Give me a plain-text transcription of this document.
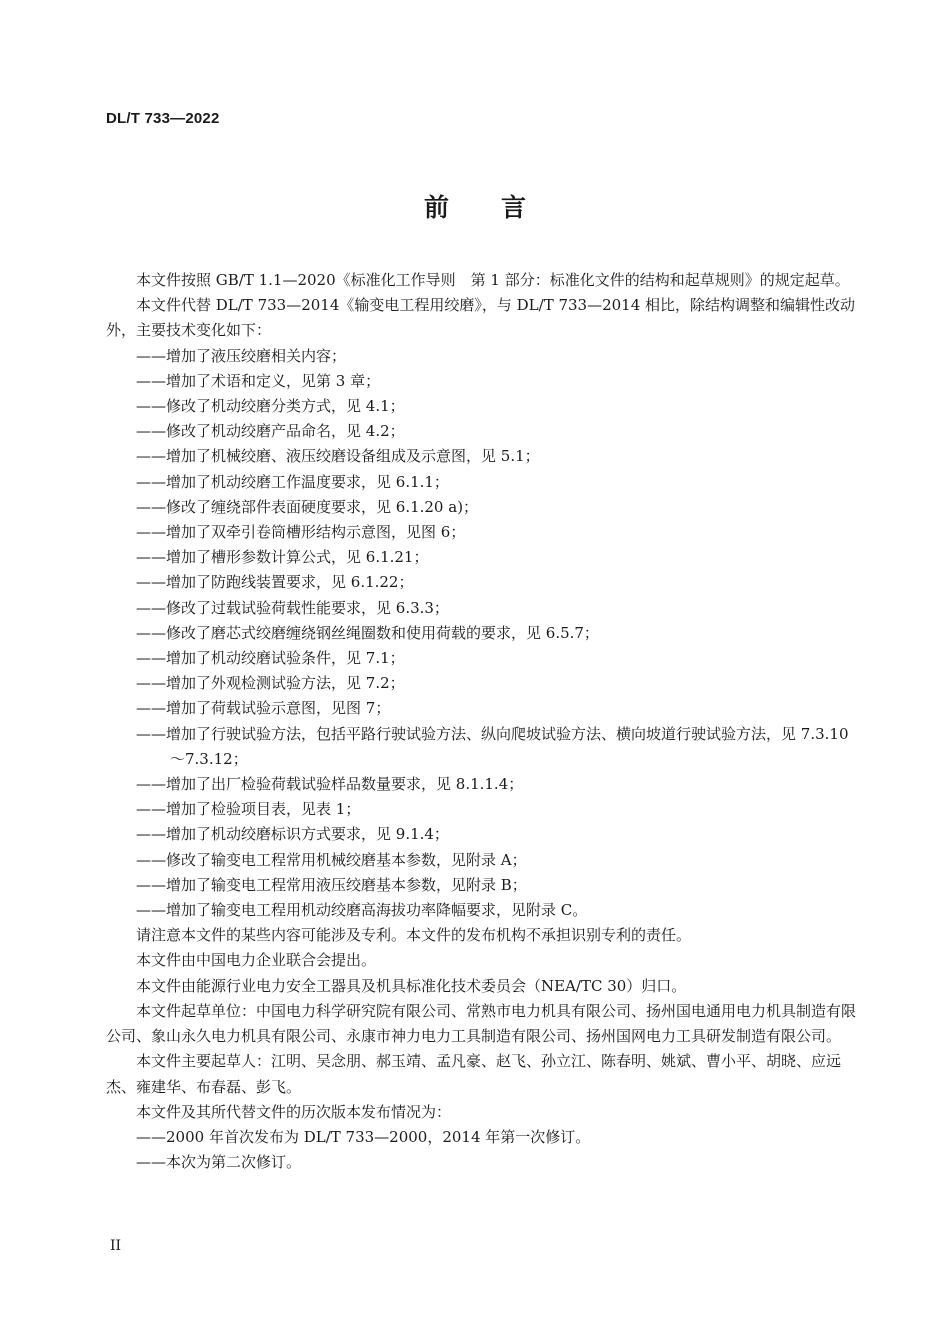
DL/T 733—2022
前言

本文件按照 GB/T 1.1—2020《标准化工作导则　第 1 部分：标准化文件的结构和起草规则》的规定起草。

本文件代替 DL/T 733—2014《输变电工程用绞磨》，与 DL/T 733—2014 相比，除结构调整和编辑性改动外，主要技术变化如下：

——增加了液压绞磨相关内容；

——增加了术语和定义，见第 3 章；

——修改了机动绞磨分类方式，见 4.1；

——修改了机动绞磨产品命名，见 4.2；

——增加了机械绞磨、液压绞磨设备组成及示意图，见 5.1；

——增加了机动绞磨工作温度要求，见 6.1.1；

——修改了缠绕部件表面硬度要求，见 6.1.20 a)；

——增加了双牵引卷筒槽形结构示意图，见图 6；

——增加了槽形参数计算公式，见 6.1.21；

——增加了防跑线装置要求，见 6.1.22；

——修改了过载试验荷载性能要求，见 6.3.3；

——修改了磨芯式绞磨缠绕钢丝绳圈数和使用荷载的要求，见 6.5.7；

——增加了机动绞磨试验条件，见 7.1；

——增加了外观检测试验方法，见 7.2；

——增加了荷载试验示意图，见图 7；

——增加了行驶试验方法，包括平路行驶试验方法、纵向爬坡试验方法、横向坡道行驶试验方法，见 7.3.10～7.3.12；

——增加了出厂检验荷载试验样品数量要求，见 8.1.1.4；

——增加了检验项目表，见表 1；

——增加了机动绞磨标识方式要求，见 9.1.4；

——修改了输变电工程常用机械绞磨基本参数，见附录 A；

——增加了输变电工程常用液压绞磨基本参数，见附录 B；

——增加了输变电工程用机动绞磨高海拔功率降幅要求，见附录 C。

请注意本文件的某些内容可能涉及专利。本文件的发布机构不承担识别专利的责任。

本文件由中国电力企业联合会提出。

本文件由能源行业电力安全工器具及机具标准化技术委员会（NEA/TC 30）归口。

本文件起草单位：中国电力科学研究院有限公司、常熟市电力机具有限公司、扬州国电通用电力机具制造有限公司、象山永久电力机具有限公司、永康市神力电力工具制造有限公司、扬州国网电力工具研发制造有限公司。

本文件主要起草人：江明、吴念朋、郝玉靖、孟凡豪、赵飞、孙立江、陈春明、姚斌、曹小平、胡晓、应远杰、雍建华、布春磊、彭飞。

本文件及其所代替文件的历次版本发布情况为：

——2000 年首次发布为 DL/T 733—2000，2014 年第一次修订。

——本次为第二次修订。

II
